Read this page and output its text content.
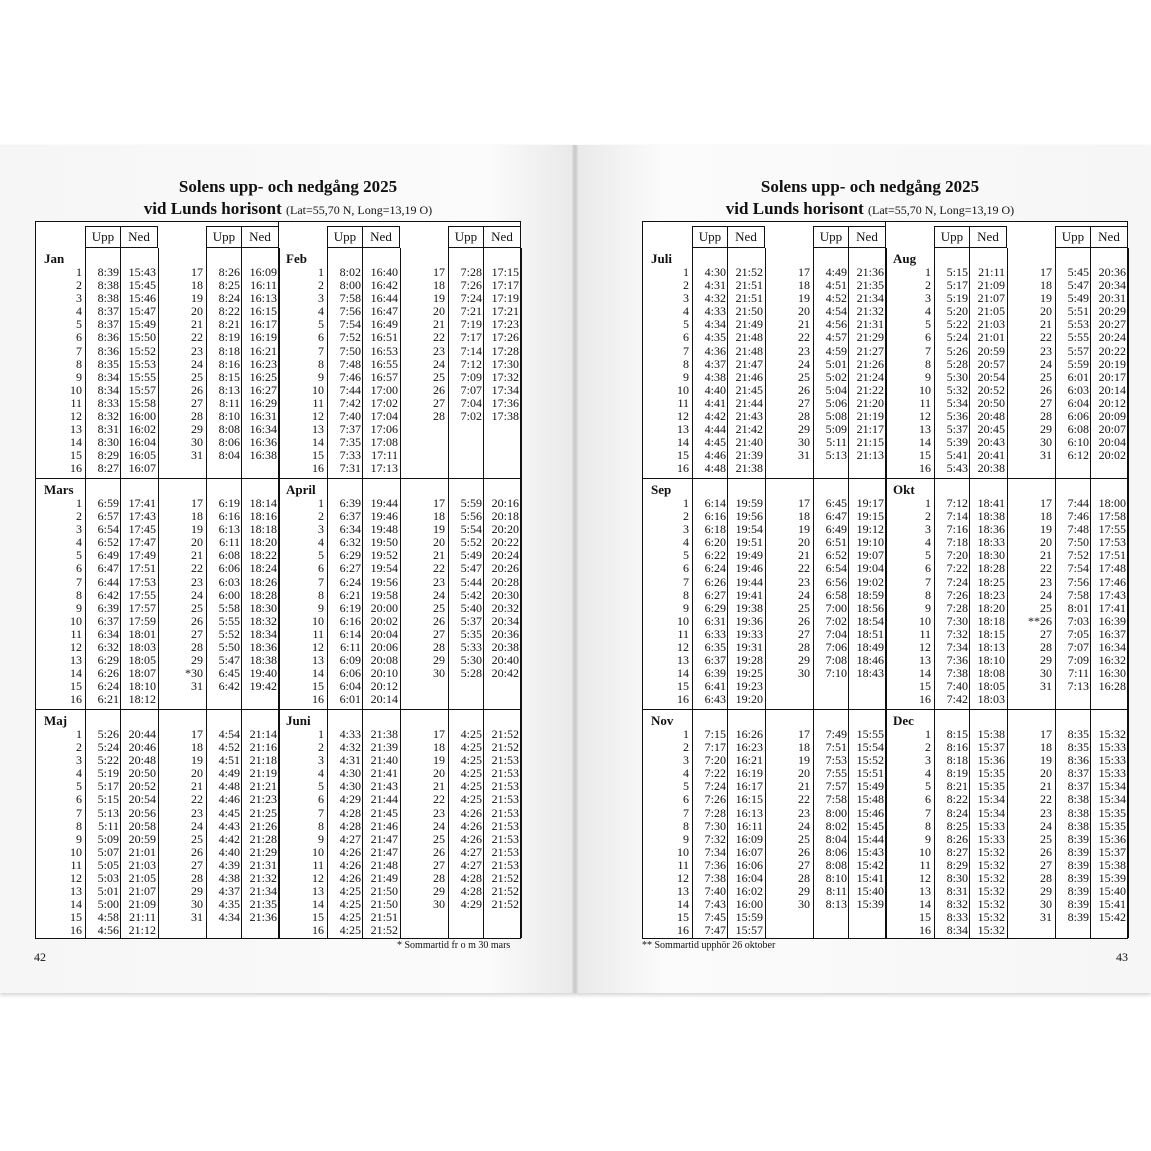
Solens upp- och nedgång 2025
vid Lunds horisont (Lat=55,70 N, Long=13,19 O)
Upp	Ned	Upp	Ned	Upp	Ned	Upp	Ned
Jan
1 8:39 15:43
2 8:38 15:45
3 8:38 15:46
4 8:37 15:47
5 8:37 15:49
6 8:36 15:50
7 8:36 15:52
8 8:35 15:53
9 8:34 15:55
10 8:34 15:57
11 8:33 15:58
12 8:32 16:00
13 8:31 16:02
14 8:30 16:04
15 8:29 16:05
16 8:27 16:07
17 8:26 16:09
18 8:25 16:11
19 8:24 16:13
20 8:22 16:15
21 8:21 16:17
22 8:19 16:19
23 8:18 16:21
24 8:16 16:23
25 8:15 16:25
26 8:13 16:27
27 8:11 16:29
28 8:10 16:31
29 8:08 16:34
30 8:06 16:36
31 8:04 16:38
Feb
1 8:02 16:40
2 8:00 16:42
3 7:58 16:44
4 7:56 16:47
5 7:54 16:49
6 7:52 16:51
7 7:50 16:53
8 7:48 16:55
9 7:46 16:57
10 7:44 17:00
11 7:42 17:02
12 7:40 17:04
13 7:37 17:06
14 7:35 17:08
15 7:33 17:11
16 7:31 17:13
17 7:28 17:15
18 7:26 17:17
19 7:24 17:19
20 7:21 17:21
21 7:19 17:23
22 7:17 17:26
23 7:14 17:28
24 7:12 17:30
25 7:09 17:32
26 7:07 17:34
27 7:04 17:36
28 7:02 17:38
Mars
1 6:59 17:41
2 6:57 17:43
3 6:54 17:45
4 6:52 17:47
5 6:49 17:49
6 6:47 17:51
7 6:44 17:53
8 6:42 17:55
9 6:39 17:57
10 6:37 17:59
11 6:34 18:01
12 6:32 18:03
13 6:29 18:05
14 6:26 18:07
15 6:24 18:10
16 6:21 18:12
17 6:19 18:14
18 6:16 18:16
19 6:13 18:18
20 6:11 18:20
21 6:08 18:22
22 6:06 18:24
23 6:03 18:26
24 6:00 18:28
25 5:58 18:30
26 5:55 18:32
27 5:52 18:34
28 5:50 18:36
29 5:47 18:38
*30 6:45 19:40
31 6:42 19:42
April
1 6:39 19:44
2 6:37 19:46
3 6:34 19:48
4 6:32 19:50
5 6:29 19:52
6 6:27 19:54
7 6:24 19:56
8 6:21 19:58
9 6:19 20:00
10 6:16 20:02
11 6:14 20:04
12 6:11 20:06
13 6:09 20:08
14 6:06 20:10
15 6:04 20:12
16 6:01 20:14
17 5:59 20:16
18 5:56 20:18
19 5:54 20:20
20 5:52 20:22
21 5:49 20:24
22 5:47 20:26
23 5:44 20:28
24 5:42 20:30
25 5:40 20:32
26 5:37 20:34
27 5:35 20:36
28 5:33 20:38
29 5:30 20:40
30 5:28 20:42
Maj
1 5:26 20:44
2 5:24 20:46
3 5:22 20:48
4 5:19 20:50
5 5:17 20:52
6 5:15 20:54
7 5:13 20:56
8 5:11 20:58
9 5:09 20:59
10 5:07 21:01
11 5:05 21:03
12 5:03 21:05
13 5:01 21:07
14 5:00 21:09
15 4:58 21:11
16 4:56 21:12
17 4:54 21:14
18 4:52 21:16
19 4:51 21:18
20 4:49 21:19
21 4:48 21:21
22 4:46 21:23
23 4:45 21:25
24 4:43 21:26
25 4:42 21:28
26 4:40 21:29
27 4:39 21:31
28 4:38 21:32
29 4:37 21:34
30 4:35 21:35
31 4:34 21:36
Juni
1 4:33 21:38
2 4:32 21:39
3 4:31 21:40
4 4:30 21:41
5 4:30 21:43
6 4:29 21:44
7 4:28 21:45
8 4:28 21:46
9 4:27 21:47
10 4:26 21:47
11 4:26 21:48
12 4:26 21:49
13 4:25 21:50
14 4:25 21:50
15 4:25 21:51
16 4:25 21:52
17 4:25 21:52
18 4:25 21:52
19 4:25 21:53
20 4:25 21:53
21 4:25 21:53
22 4:25 21:53
23 4:26 21:53
24 4:26 21:53
25 4:26 21:53
26 4:27 21:53
27 4:27 21:53
28 4:28 21:52
29 4:28 21:52
30 4:29 21:52
* Sommartid fr o m 30 mars
42
Solens upp- och nedgång 2025
vid Lunds horisont (Lat=55,70 N, Long=13,19 O)
Upp	Ned	Upp	Ned	Upp	Ned	Upp	Ned
Juli
1 4:30 21:52
2 4:31 21:51
3 4:32 21:51
4 4:33 21:50
5 4:34 21:49
6 4:35 21:48
7 4:36 21:48
8 4:37 21:47
9 4:38 21:46
10 4:40 21:45
11 4:41 21:44
12 4:42 21:43
13 4:44 21:42
14 4:45 21:40
15 4:46 21:39
16 4:48 21:38
17 4:49 21:36
18 4:51 21:35
19 4:52 21:34
20 4:54 21:32
21 4:56 21:31
22 4:57 21:29
23 4:59 21:27
24 5:01 21:26
25 5:02 21:24
26 5:04 21:22
27 5:06 21:20
28 5:08 21:19
29 5:09 21:17
30 5:11 21:15
31 5:13 21:13
Aug
1 5:15 21:11
2 5:17 21:09
3 5:19 21:07
4 5:20 21:05
5 5:22 21:03
6 5:24 21:01
7 5:26 20:59
8 5:28 20:57
9 5:30 20:54
10 5:32 20:52
11 5:34 20:50
12 5:36 20:48
13 5:37 20:45
14 5:39 20:43
15 5:41 20:41
16 5:43 20:38
17 5:45 20:36
18 5:47 20:34
19 5:49 20:31
20 5:51 20:29
21 5:53 20:27
22 5:55 20:24
23 5:57 20:22
24 5:59 20:19
25 6:01 20:17
26 6:03 20:14
27 6:04 20:12
28 6:06 20:09
29 6:08 20:07
30 6:10 20:04
31 6:12 20:02
Sep
1 6:14 19:59
2 6:16 19:56
3 6:18 19:54
4 6:20 19:51
5 6:22 19:49
6 6:24 19:46
7 6:26 19:44
8 6:27 19:41
9 6:29 19:38
10 6:31 19:36
11 6:33 19:33
12 6:35 19:31
13 6:37 19:28
14 6:39 19:25
15 6:41 19:23
16 6:43 19:20
17 6:45 19:17
18 6:47 19:15
19 6:49 19:12
20 6:51 19:10
21 6:52 19:07
22 6:54 19:04
23 6:56 19:02
24 6:58 18:59
25 7:00 18:56
26 7:02 18:54
27 7:04 18:51
28 7:06 18:49
29 7:08 18:46
30 7:10 18:43
Okt
1 7:12 18:41
2 7:14 18:38
3 7:16 18:36
4 7:18 18:33
5 7:20 18:30
6 7:22 18:28
7 7:24 18:25
8 7:26 18:23
9 7:28 18:20
10 7:30 18:18
11 7:32 18:15
12 7:34 18:13
13 7:36 18:10
14 7:38 18:08
15 7:40 18:05
16 7:42 18:03
17 7:44 18:00
18 7:46 17:58
19 7:48 17:55
20 7:50 17:53
21 7:52 17:51
22 7:54 17:48
23 7:56 17:46
24 7:58 17:43
25 8:01 17:41
**26 7:03 16:39
27 7:05 16:37
28 7:07 16:34
29 7:09 16:32
30 7:11 16:30
31 7:13 16:28
Nov
1 7:15 16:26
2 7:17 16:23
3 7:20 16:21
4 7:22 16:19
5 7:24 16:17
6 7:26 16:15
7 7:28 16:13
8 7:30 16:11
9 7:32 16:09
10 7:34 16:07
11 7:36 16:06
12 7:38 16:04
13 7:40 16:02
14 7:43 16:00
15 7:45 15:59
16 7:47 15:57
17 7:49 15:55
18 7:51 15:54
19 7:53 15:52
20 7:55 15:51
21 7:57 15:49
22 7:58 15:48
23 8:00 15:46
24 8:02 15:45
25 8:04 15:44
26 8:06 15:43
27 8:08 15:42
28 8:10 15:41
29 8:11 15:40
30 8:13 15:39
Dec
1 8:15 15:38
2 8:16 15:37
3 8:18 15:36
4 8:19 15:35
5 8:21 15:35
6 8:22 15:34
7 8:24 15:34
8 8:25 15:33
9 8:26 15:33
10 8:27 15:32
11 8:29 15:32
12 8:30 15:32
13 8:31 15:32
14 8:32 15:32
15 8:33 15:32
16 8:34 15:32
17 8:35 15:32
18 8:35 15:33
19 8:36 15:33
20 8:37 15:33
21 8:37 15:34
22 8:38 15:34
23 8:38 15:35
24 8:38 15:35
25 8:39 15:36
26 8:39 15:37
27 8:39 15:38
28 8:39 15:39
29 8:39 15:40
30 8:39 15:41
31 8:39 15:42
** Sommartid upphör 26 oktober
43
